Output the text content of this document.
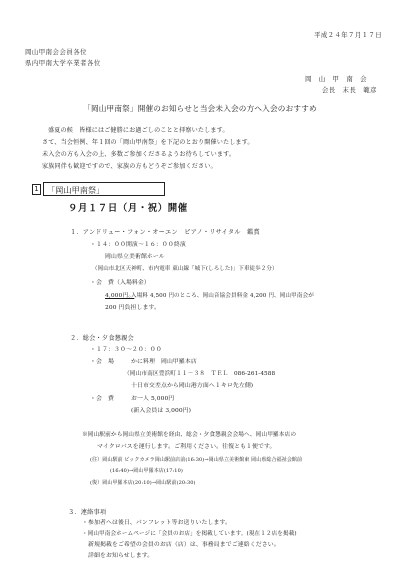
平成２４年７月１７日
岡山甲南会会員各位
県内甲南大学卒業者各位
岡　山　甲　南　会
会長　末長　範彦
「岡山甲南祭」開催のお知らせと当会未入会の方へ入会のおすすめ
盛夏の候　皆様にはご健勝にお過ごしのことと拝察いたします。
さて、当会恒例、年１回の「岡山甲南祭」を下記のとおり開催いたします。
未入会の方も入会の上、多数ご参加くださるようお待ちしています。
家族同伴も歓迎ですので、家族の方もどうぞご参加ください。
1	「岡山甲南祭」
９月１７日（月・祝）開催
１．アンドリュー・フォン・オーエン　ピアノ・リサイタル　鑑賞
・１４：００開演～１６：００終演
岡山県立美術館ホール
（岡山市北区天神町、市内電車 東山線「城下(しろした)」下車徒歩２分）
・会　費（入場料金）
4,000円。
入場料 4,500 円のところ、岡山音協会員料金 4,200 円、岡山甲南会が
200 円負担します。
２．総会・夕食懇親会
・１７：３０～２０：００
・会　場	かに料理　岡山甲羅本店
（岡山市南区豊浜町１１－３８　ＴＥＬ　086-261-4588
十日市交差点から岡山港方面へ１キロ先左側)
・会　費	お一人 5,000円
(新入会員は 3,000円)
※岡山駅前から岡山県立美術館を経由、総会・夕食懇親会会場へ、岡山甲羅本店の
マイクロバスを運行します。ご利用ください。往復とも１便です。
(往）岡山駅前 ビックカメラ岡山駅前店前(16:30)→岡山県立美術館東 岡山県総合福祉会館前
(16:40)→岡山甲羅本店(17:10)
(復）岡山甲羅本店(20:10)→岡山駅前(20:30)
３．連絡事項
・参加者へは後日、パンフレット等お送りいたします。
・岡山甲南会ホームページに「会員のお店」を掲載しています。(現在１２店を掲載)
新規掲載をご希望の会員のお店（店）は、事務局までご連絡ください。
詳細をお知らせします。
